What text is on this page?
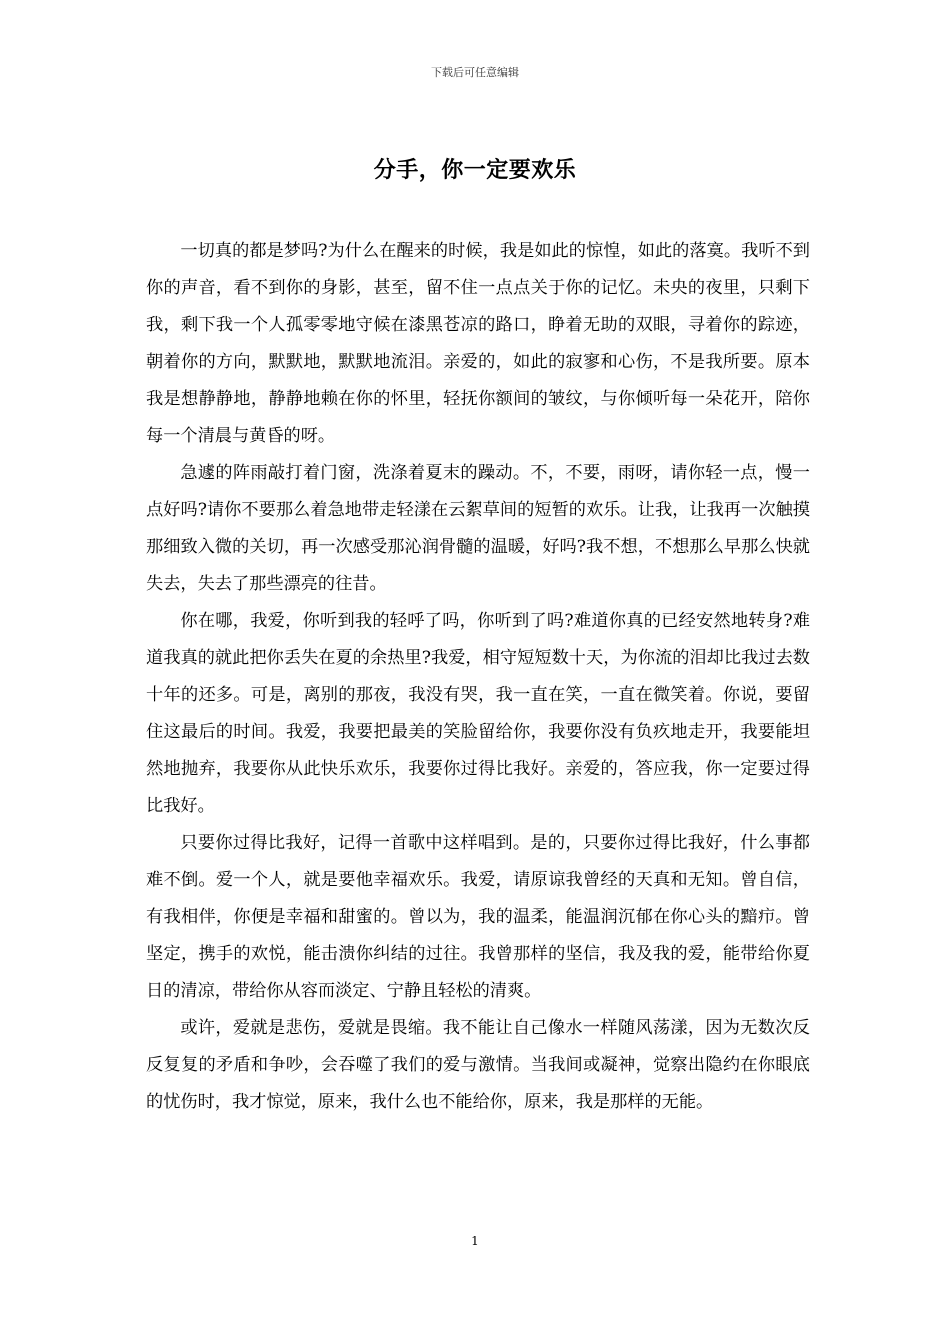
下载后可任意编辑
分手，你一定要欢乐

一切真的都是梦吗?为什么在醒来的时候，我是如此的惊惶，如此的落寞。我听不到你的声音，看不到你的身影，甚至，留不住一点点关于你的记忆。未央的夜里，只剩下我，剩下我一个人孤零零地守候在漆黑苍凉的路口，睁着无助的双眼，寻着你的踪迹，朝着你的方向，默默地，默默地流泪。亲爱的，如此的寂寥和心伤，不是我所要。原本我是想静静地，静静地赖在你的怀里，轻抚你额间的皱纹，与你倾听每一朵花开，陪你每一个清晨与黄昏的呀。

急遽的阵雨敲打着门窗，洗涤着夏末的躁动。不，不要，雨呀，请你轻一点，慢一点好吗?请你不要那么着急地带走轻漾在云絮草间的短暂的欢乐。让我，让我再一次触摸那细致入微的关切，再一次感受那沁润骨髓的温暖，好吗?我不想，不想那么早那么快就失去，失去了那些漂亮的往昔。

你在哪，我爱，你听到我的轻呼了吗，你听到了吗?难道你真的已经安然地转身?难道我真的就此把你丢失在夏的余热里?我爱，相守短短数十天，为你流的泪却比我过去数十年的还多。可是，离别的那夜，我没有哭，我一直在笑，一直在微笑着。你说，要留住这最后的时间。我爱，我要把最美的笑脸留给你，我要你没有负疚地走开，我要能坦然地抛弃，我要你从此快乐欢乐，我要你过得比我好。亲爱的，答应我，你一定要过得比我好。

只要你过得比我好，记得一首歌中这样唱到。是的，只要你过得比我好，什么事都难不倒。爱一个人，就是要他幸福欢乐。我爱，请原谅我曾经的天真和无知。曾自信，有我相伴，你便是幸福和甜蜜的。曾以为，我的温柔，能温润沉郁在你心头的黯疖。曾坚定，携手的欢悦，能击溃你纠结的过往。我曾那样的坚信，我及我的爱，能带给你夏日的清凉，带给你从容而淡定、宁静且轻松的清爽。

或许，爱就是悲伤，爱就是畏缩。我不能让自己像水一样随风荡漾，因为无数次反反复复的矛盾和争吵，会吞噬了我们的爱与激情。当我间或凝神，觉察出隐约在你眼底的忧伤时，我才惊觉，原来，我什么也不能给你，原来，我是那样的无能。

1
